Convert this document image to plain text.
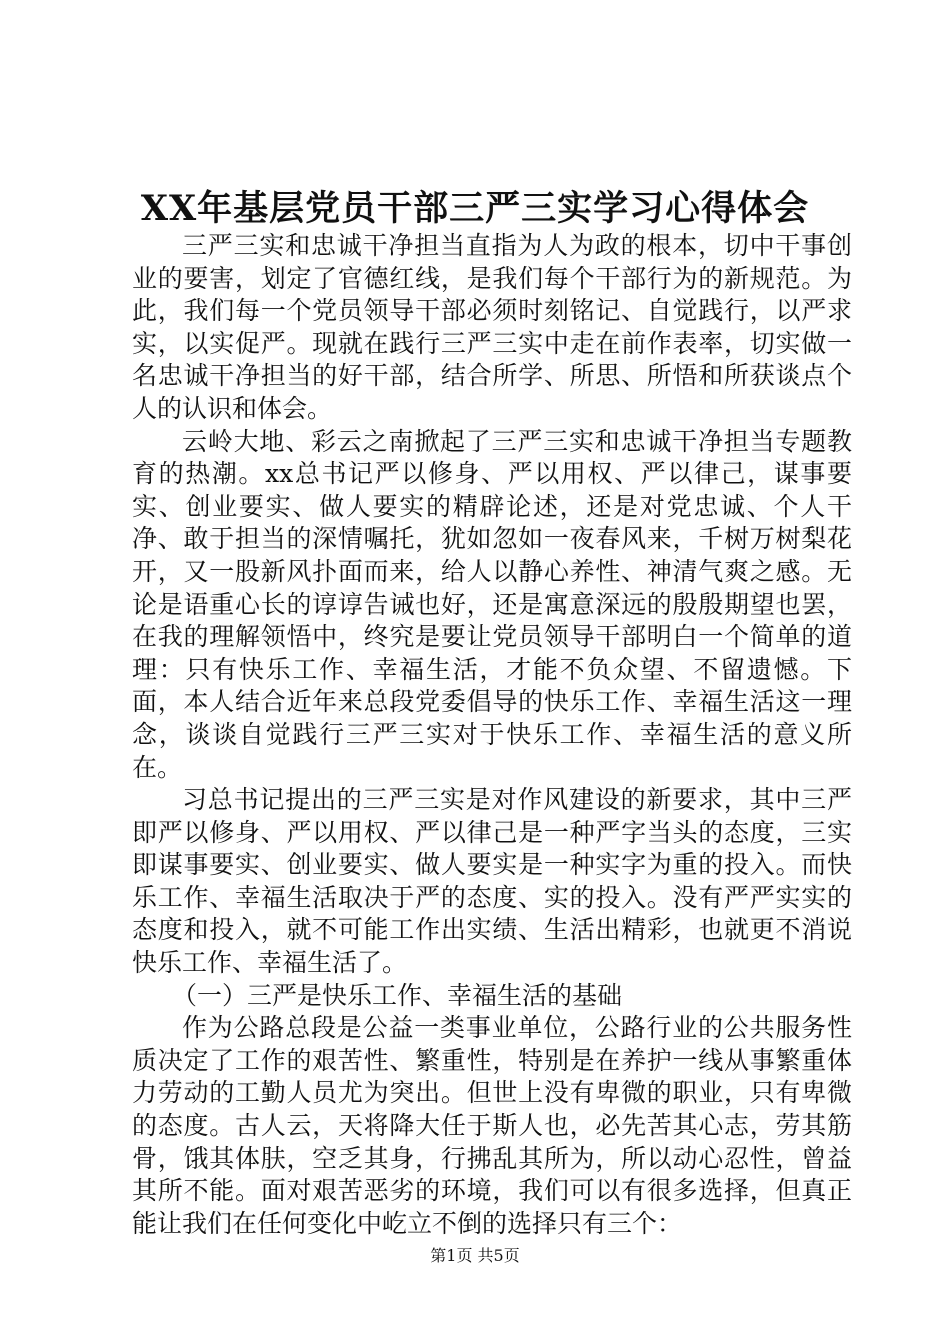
XX年基层党员干部三严三实学习心得体会

三严三实和忠诚干净担当直指为人为政的根本，切中干事创业的要害，划定了官德红线，是我们每个干部行为的新规范。为此，我们每一个党员领导干部必须时刻铭记、自觉践行，以严求实，以实促严。现就在践行三严三实中走在前作表率，切实做一名忠诚干净担当的好干部，结合所学、所思、所悟和所获谈点个人的认识和体会。

云岭大地、彩云之南掀起了三严三实和忠诚干净担当专题教育的热潮。xx总书记严以修身、严以用权、严以律己，谋事要实、创业要实、做人要实的精辟论述，还是对党忠诚、个人干净、敢于担当的深情嘱托，犹如忽如一夜春风来，千树万树梨花开，又一股新风扑面而来，给人以静心养性、神清气爽之感。无论是语重心长的谆谆告诫也好，还是寓意深远的殷殷期望也罢，在我的理解领悟中，终究是要让党员领导干部明白一个简单的道理：只有快乐工作、幸福生活，才能不负众望、不留遗憾。下面，本人结合近年来总段党委倡导的快乐工作、幸福生活这一理念，谈谈自觉践行三严三实对于快乐工作、幸福生活的意义所在。

习总书记提出的三严三实是对作风建设的新要求，其中三严即严以修身、严以用权、严以律己是一种严字当头的态度，三实即谋事要实、创业要实、做人要实是一种实字为重的投入。而快乐工作、幸福生活取决于严的态度、实的投入。没有严严实实的态度和投入，就不可能工作出实绩、生活出精彩，也就更不消说快乐工作、幸福生活了。

（一）三严是快乐工作、幸福生活的基础

作为公路总段是公益一类事业单位，公路行业的公共服务性质决定了工作的艰苦性、繁重性，特别是在养护一线从事繁重体力劳动的工勤人员尤为突出。但世上没有卑微的职业，只有卑微的态度。古人云，天将降大任于斯人也，必先苦其心志，劳其筋骨，饿其体肤，空乏其身，行拂乱其所为，所以动心忍性，曾益其所不能。面对艰苦恶劣的环境，我们可以有很多选择，但真正能让我们在任何变化中屹立不倒的选择只有三个：

第1页 共5页
